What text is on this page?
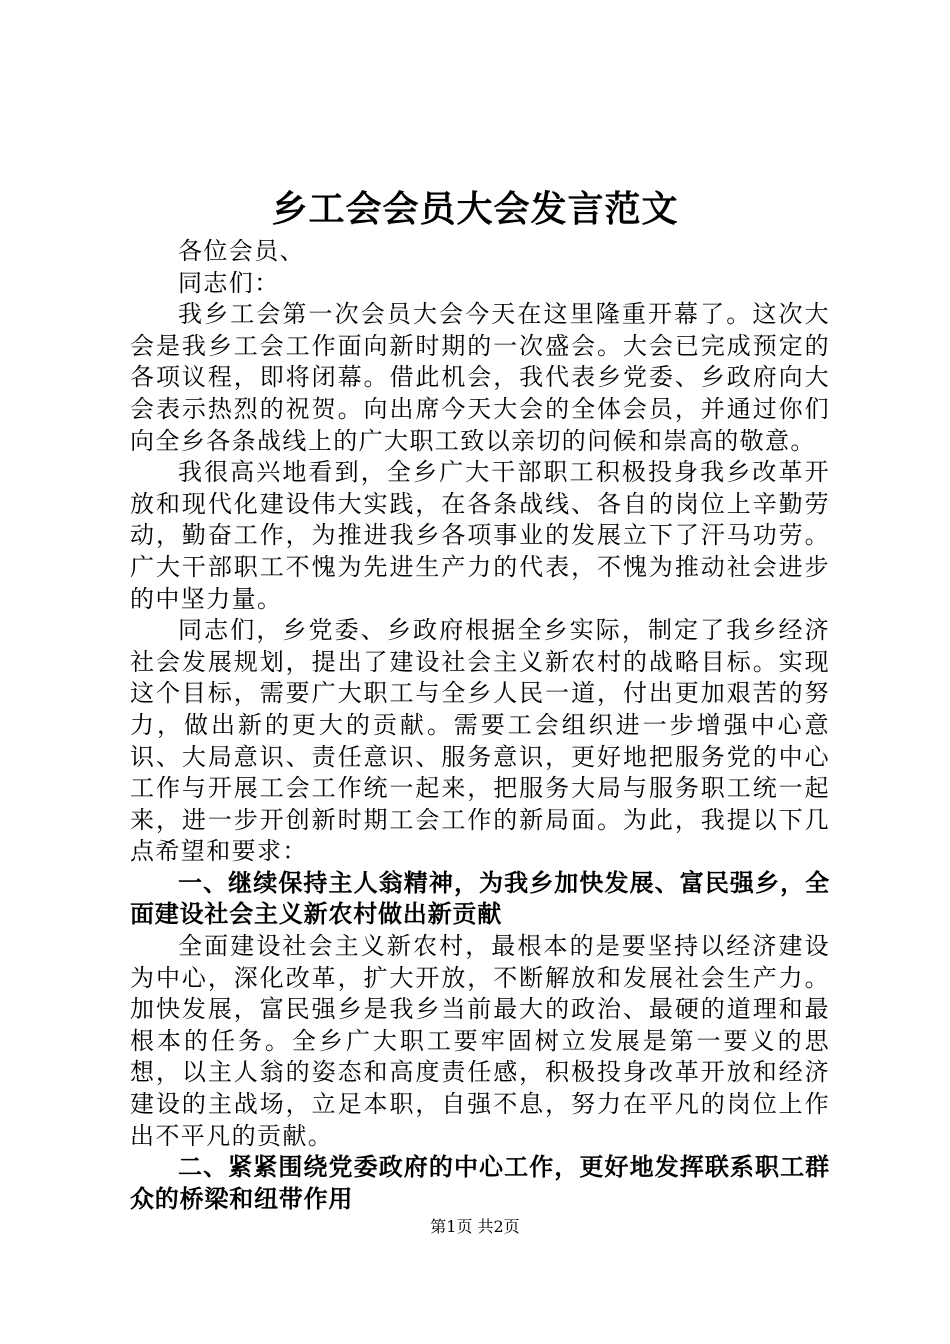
乡工会会员大会发言范文

各位会员、

同志们：

我乡工会第一次会员大会今天在这里隆重开幕了。这次大会是我乡工会工作面向新时期的一次盛会。大会已完成预定的各项议程，即将闭幕。借此机会，我代表乡党委、乡政府向大会表示热烈的祝贺。向出席今天大会的全体会员，并通过你们向全乡各条战线上的广大职工致以亲切的问候和崇高的敬意。

我很高兴地看到，全乡广大干部职工积极投身我乡改革开放和现代化建设伟大实践，在各条战线、各自的岗位上辛勤劳动，勤奋工作，为推进我乡各项事业的发展立下了汗马功劳。广大干部职工不愧为先进生产力的代表，不愧为推动社会进步的中坚力量。

同志们，乡党委、乡政府根据全乡实际，制定了我乡经济社会发展规划，提出了建设社会主义新农村的战略目标。实现这个目标，需要广大职工与全乡人民一道，付出更加艰苦的努力，做出新的更大的贡献。需要工会组织进一步增强中心意识、大局意识、责任意识、服务意识，更好地把服务党的中心工作与开展工会工作统一起来，把服务大局与服务职工统一起来，进一步开创新时期工会工作的新局面。为此，我提以下几点希望和要求：

一、继续保持主人翁精神，为我乡加快发展、富民强乡，全面建设社会主义新农村做出新贡献

全面建设社会主义新农村，最根本的是要坚持以经济建设为中心，深化改革，扩大开放，不断解放和发展社会生产力。加快发展，富民强乡是我乡当前最大的政治、最硬的道理和最根本的任务。全乡广大职工要牢固树立发展是第一要义的思想，以主人翁的姿态和高度责任感，积极投身改革开放和经济建设的主战场，立足本职，自强不息，努力在平凡的岗位上作出不平凡的贡献。

二、紧紧围绕党委政府的中心工作，更好地发挥联系职工群众的桥梁和纽带作用

第1页 共2页
